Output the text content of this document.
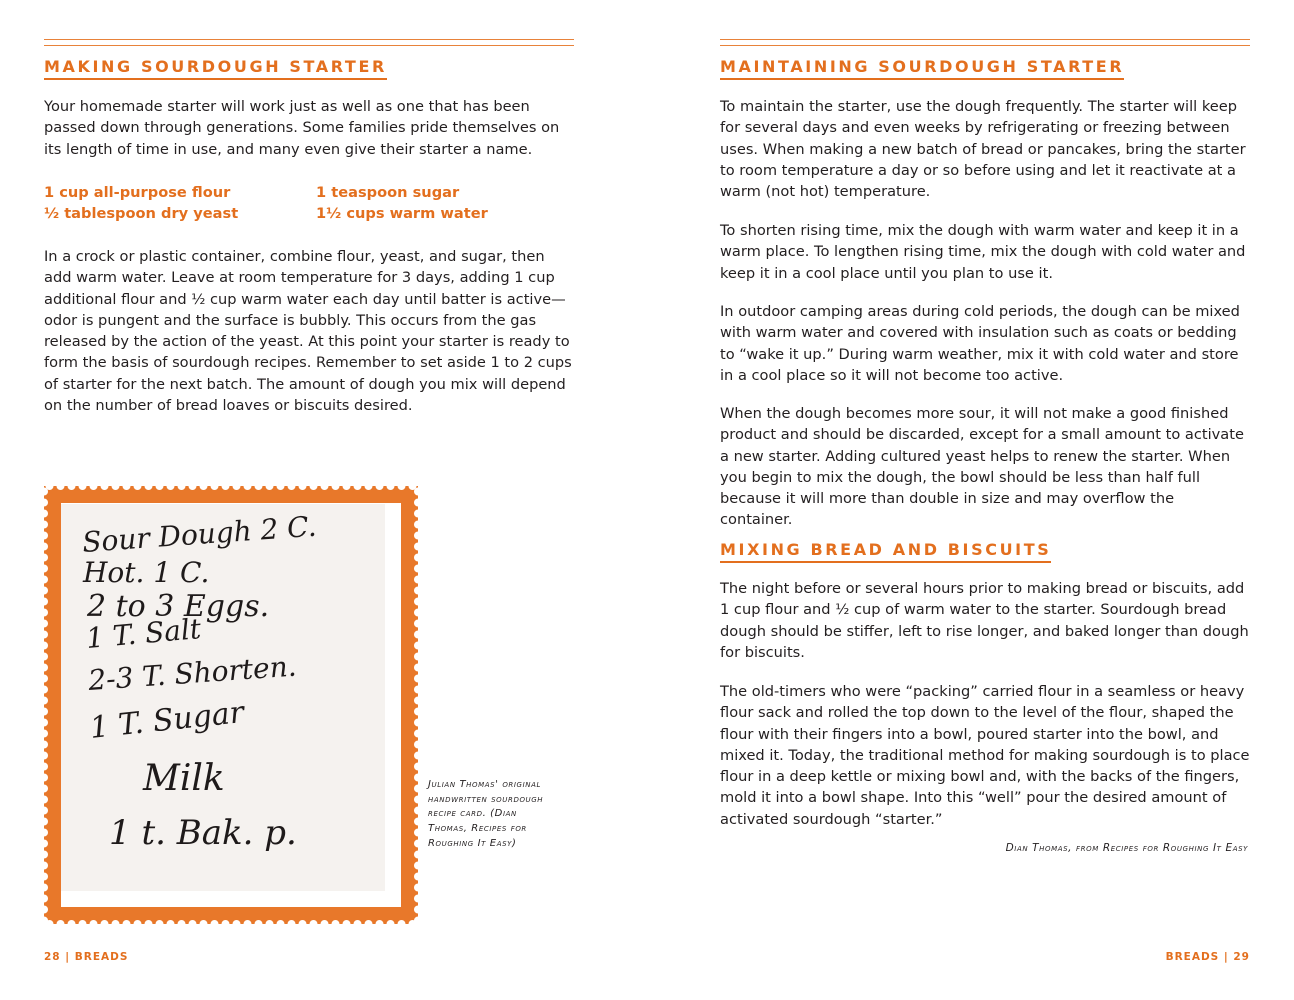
MAKING SOURDOUGH STARTER

Your homemade starter will work just as well as one that has been passed down through generations. Some families pride themselves on its length of time in use, and many even give their starter a name.

1 cup all-purpose flour

½ tablespoon dry yeast

1 teaspoon sugar

1½ cups warm water

In a crock or plastic container, combine flour, yeast, and sugar, then add warm water. Leave at room temperature for 3 days, adding 1 cup additional flour and ½ cup warm water each day until batter is active—odor is pungent and the surface is bubbly. This occurs from the gas released by the action of the yeast. At this point your starter is ready to form the basis of sourdough recipes. Remember to set aside 1 to 2 cups of starter for the next batch. The amount of dough you mix will depend on the number of bread loaves or biscuits desired.

Sour Dough 2 C.
Hot. 1 C.
2 to 3 Eggs.
1 T. Salt
2-3 T. Shorten.
1 T. Sugar
Milk
1 t. Bak. p.

Julian Thomas' original handwritten sourdough recipe card. (Dian Thomas, Recipes for Roughing It Easy)

28 | BREADS
MAINTAINING SOURDOUGH STARTER

To maintain the starter, use the dough frequently. The starter will keep for several days and even weeks by refrigerating or freezing between uses. When making a new batch of bread or pancakes, bring the starter to room temperature a day or so before using and let it reactivate at a warm (not hot) temperature.

To shorten rising time, mix the dough with warm water and keep it in a warm place. To lengthen rising time, mix the dough with cold water and keep it in a cool place until you plan to use it.

In outdoor camping areas during cold periods, the dough can be mixed with warm water and covered with insulation such as coats or bedding to “wake it up.” During warm weather, mix it with cold water and store in a cool place so it will not become too active.

When the dough becomes more sour, it will not make a good finished product and should be discarded, except for a small amount to activate a new starter. Adding cultured yeast helps to renew the starter. When you begin to mix the dough, the bowl should be less than half full because it will more than double in size and may overflow the container.

MIXING BREAD AND BISCUITS

The night before or several hours prior to making bread or biscuits, add 1 cup flour and ½ cup of warm water to the starter. Sourdough bread dough should be stiffer, left to rise longer, and baked longer than dough for biscuits.

The old-timers who were “packing” carried flour in a seamless or heavy flour sack and rolled the top down to the level of the flour, shaped the flour with their fingers into a bowl, poured starter into the bowl, and mixed it. Today, the traditional method for making sourdough is to place flour in a deep kettle or mixing bowl and, with the backs of the fingers, mold it into a bowl shape. Into this “well” pour the desired amount of activated sourdough “starter.”

Dian Thomas, from Recipes for Roughing It Easy

BREADS | 29
